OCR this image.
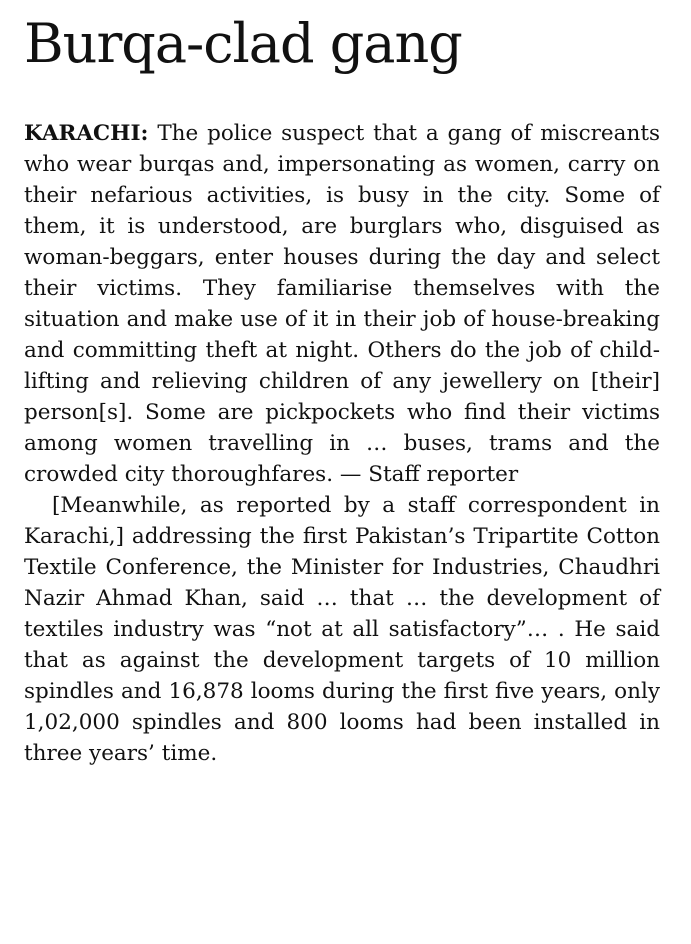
Burqa-clad gang

KARACHI: The police suspect that a gang of miscreants who wear burqas and, impersonating as women, carry on their nefarious activities, is busy in the city. Some of them, it is understood, are burglars who, disguised as woman-beggars, enter houses during the day and select their victims. They familiarise themselves with the situation and make use of it in their job of house-breaking and committing theft at night. Others do the job of child-lifting and relieving children of any jewellery on [their] person[s]. Some are pickpockets who find their victims among women travelling in … buses, trams and the crowded city thoroughfares. — Staff reporter

[Meanwhile, as reported by a staff correspondent in Karachi,] addressing the first Pakistan’s Tripartite Cotton Textile Conference, the Minister for Industries, Chaudhri Nazir Ahmad Khan, said … that … the development of textiles industry was “not at all satisfactory”… . He said that as against the development targets of 10 million spindles and 16,878 looms during the first five years, only 1,02,000 spindles and 800 looms had been installed in three years’ time.
